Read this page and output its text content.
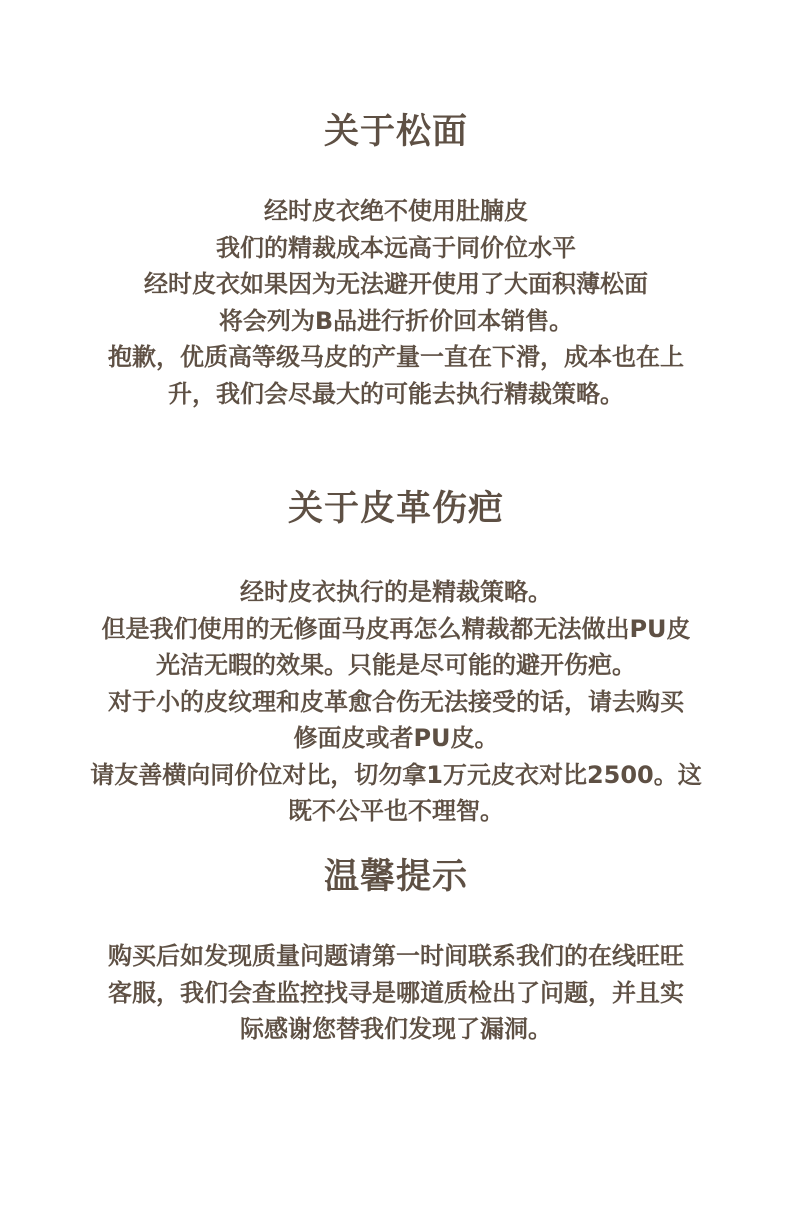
关于松面
经时皮衣绝不使用肚腩皮
我们的精裁成本远高于同价位水平
经时皮衣如果因为无法避开使用了大面积薄松面
将会列为B品进行折价回本销售。
抱歉，优质高等级马皮的产量一直在下滑，成本也在上
升，我们会尽最大的可能去执行精裁策略。
关于皮革伤疤
经时皮衣执行的是精裁策略。
但是我们使用的无修面马皮再怎么精裁都无法做出PU皮
光洁无暇的效果。只能是尽可能的避开伤疤。
对于小的皮纹理和皮革愈合伤无法接受的话，请去购买
修面皮或者PU皮。
请友善横向同价位对比，切勿拿1万元皮衣对比2500。这
既不公平也不理智。
温馨提示
购买后如发现质量问题请第一时间联系我们的在线旺旺
客服，我们会查监控找寻是哪道质检出了问题，并且实
际感谢您替我们发现了漏洞。
